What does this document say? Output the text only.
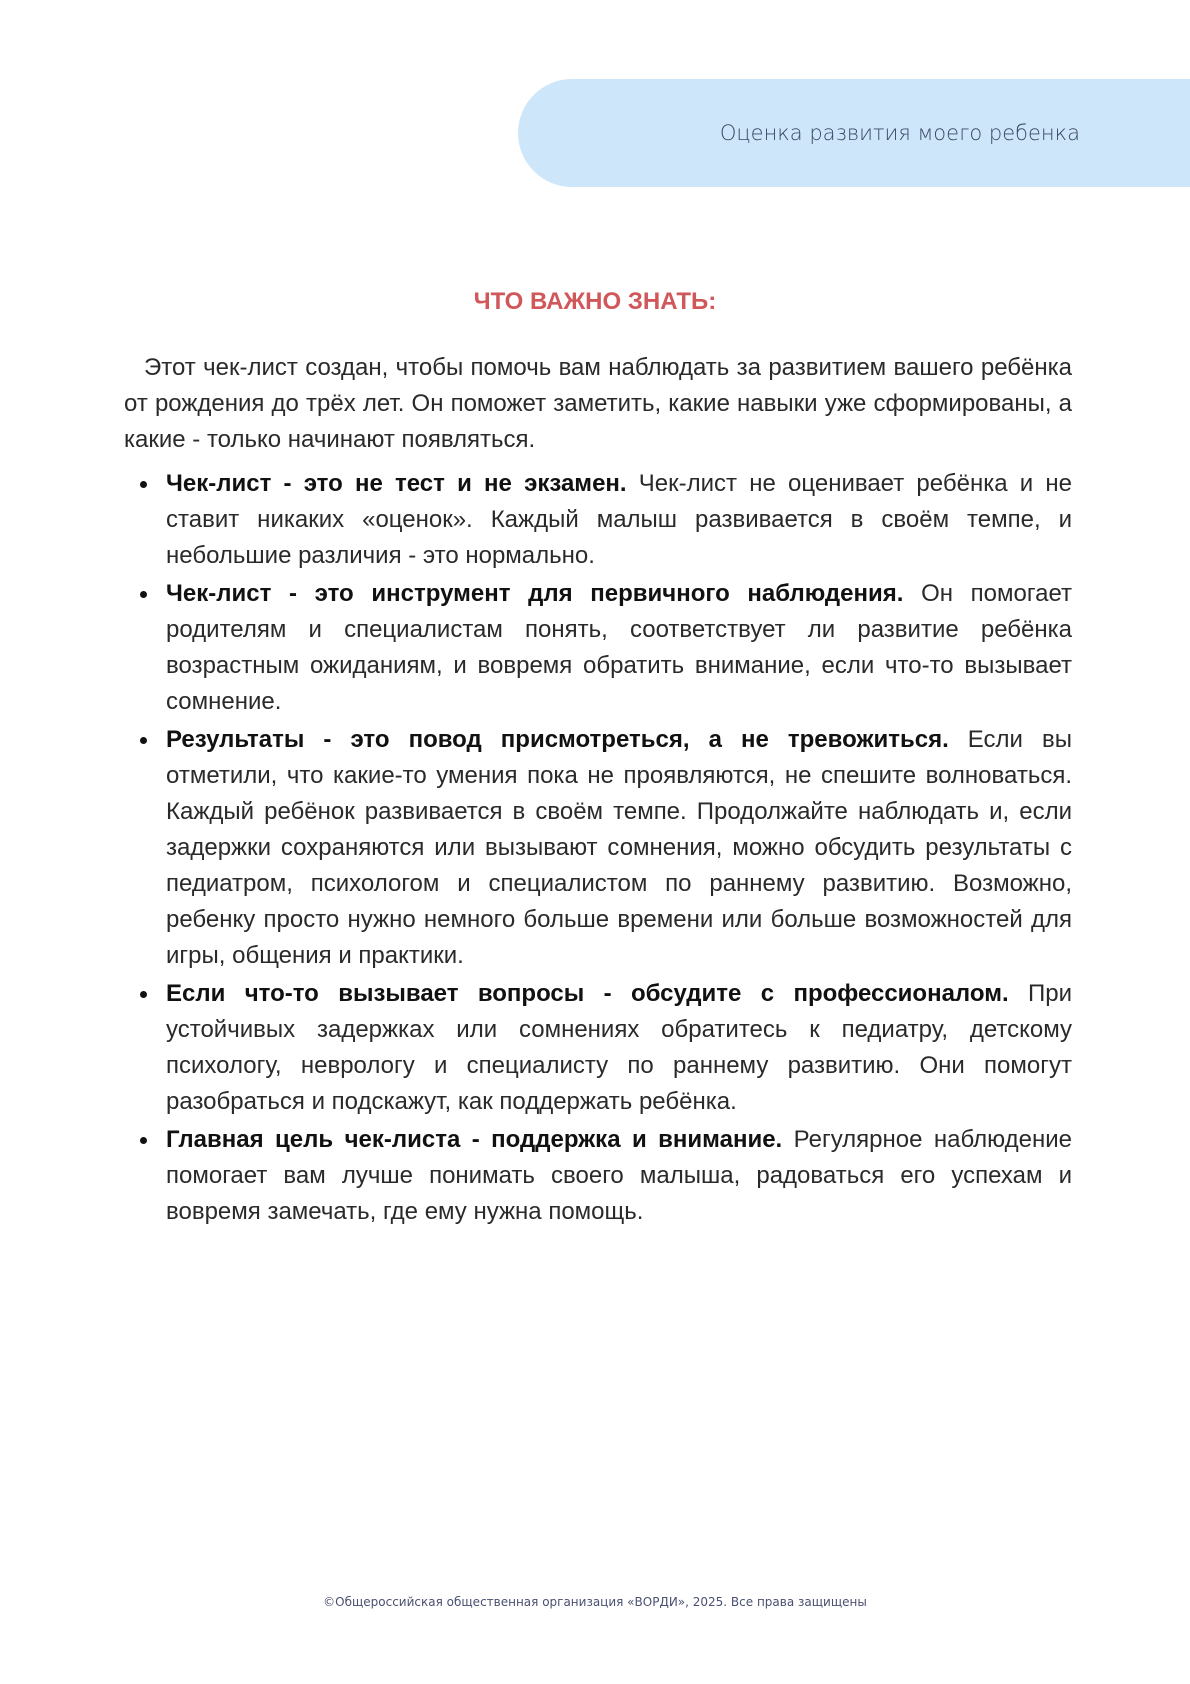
Оценка развития моего ребенка
ЧТО ВАЖНО ЗНАТЬ:

Этот чек-лист создан, чтобы помочь вам наблюдать за развитием вашего ребёнка от рождения до трёх лет. Он поможет заметить, какие навыки уже сформированы, а какие - только начинают появляться.

Чек-лист - это не тест и не экзамен. Чек-лист не оценивает ребёнка и не ставит никаких «оценок». Каждый малыш развивается в своём темпе, и небольшие различия - это нормально.
Чек-лист - это инструмент для первичного наблюдения. Он помогает родителям и специалистам понять, соответствует ли развитие ребёнка возрастным ожиданиям, и вовремя обратить внимание, если что-то вызывает сомнение.
Результаты - это повод присмотреться, а не тревожиться. Если вы отметили, что какие-то умения пока не проявляются, не спешите волноваться. Каждый ребёнок развивается в своём темпе. Продолжайте наблюдать и, если задержки сохраняются или вызывают сомнения, можно обсудить результаты с педиатром, психологом и специалистом по раннему развитию. Возможно, ребенку просто нужно немного больше времени или больше возможностей для игры, общения и практики.
Если что-то вызывает вопросы - обсудите с профессионалом. При устойчивых задержках или сомнениях обратитесь к педиатру, детскому психологу, неврологу и специалисту по раннему развитию. Они помогут разобраться и подскажут, как поддержать ребёнка.
Главная цель чек-листа - поддержка и внимание. Регулярное наблюдение помогает вам лучше понимать своего малыша, радоваться его успехам и вовремя замечать, где ему нужна помощь.
©Общероссийская общественная организация «ВОРДИ», 2025. Все права защищены
